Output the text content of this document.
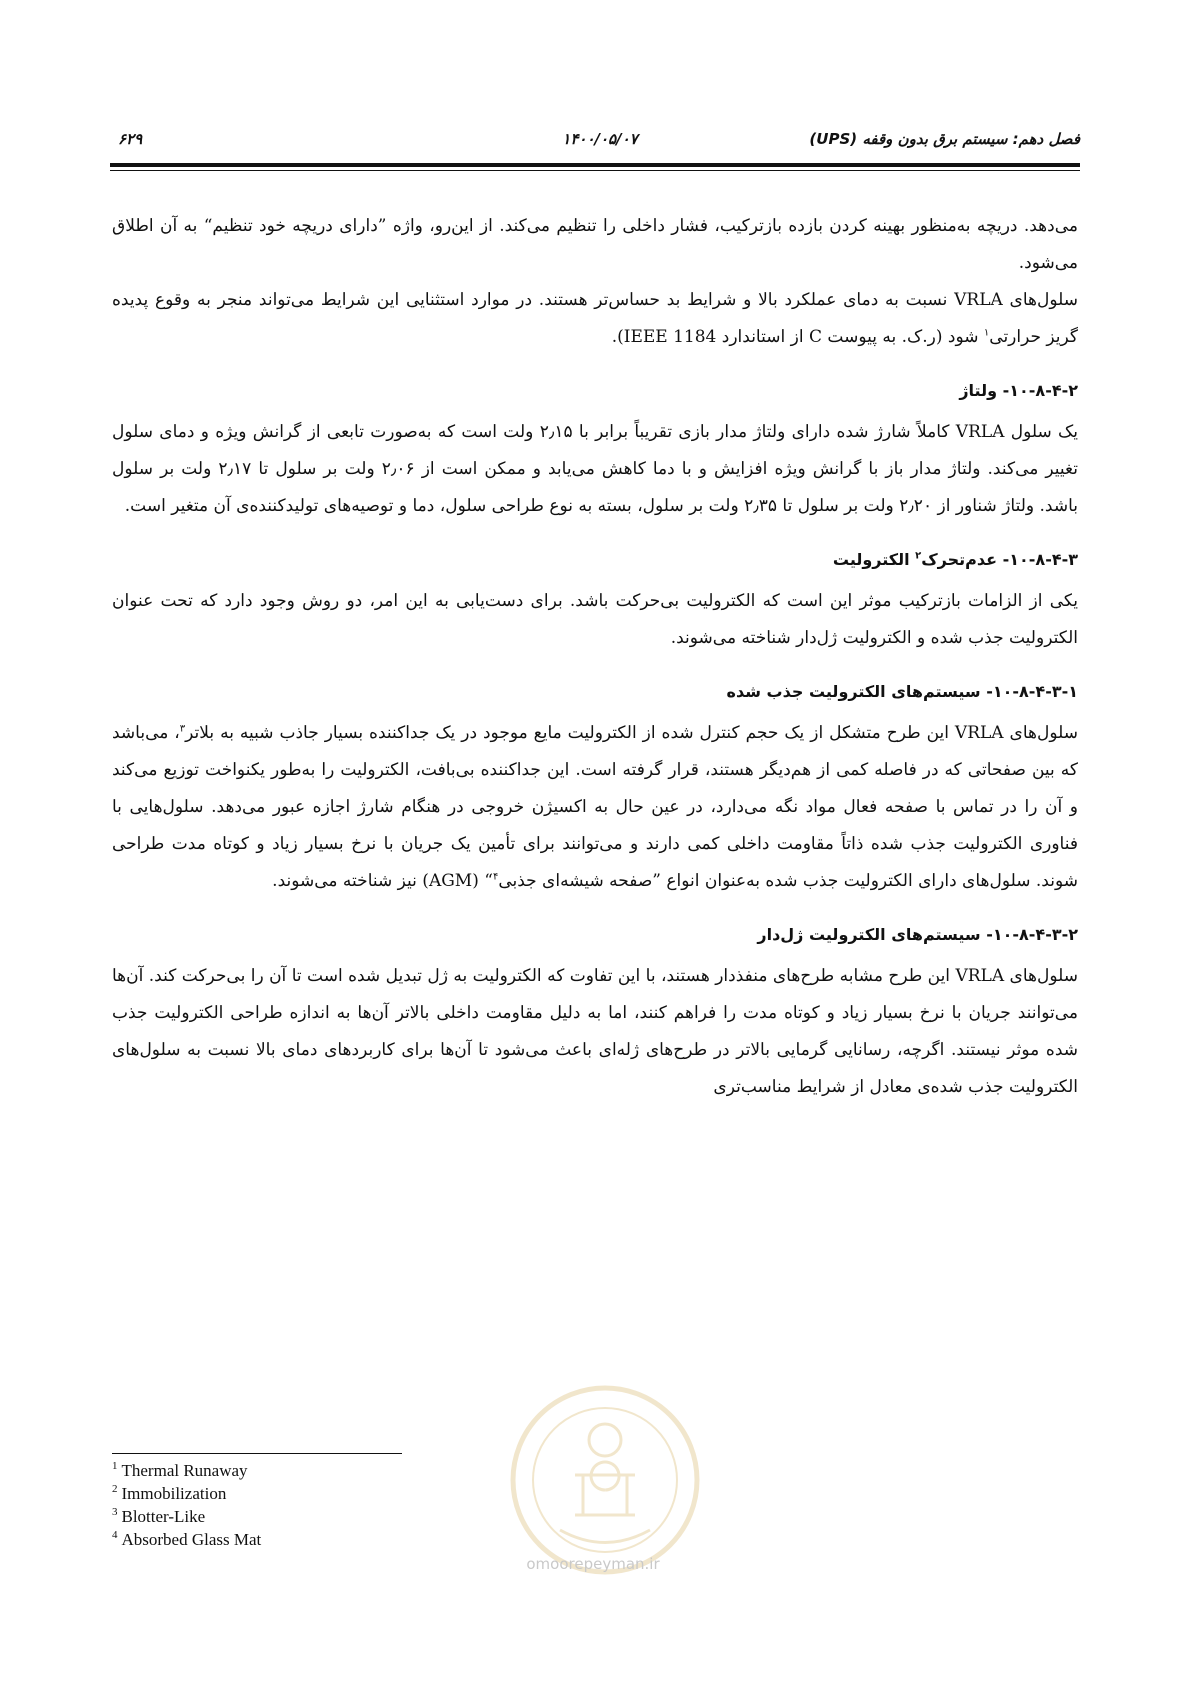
فصل دهم: سیستم برق بدون وقفه (UPS)
۱۴۰۰/۰۵/۰۷
۶۲۹

می‌دهد. دریچه به‌منظور بهینه کردن بازده بازترکیب، فشار داخلی را تنظیم می‌کند. از این‌رو، واژه ”دارای دریچه خود تنظیم“ به آن اطلاق می‌شود.

سلول‌های VRLA نسبت به دمای عملکرد بالا و شرایط بد حساس‌تر هستند. در موارد استثنایی این شرایط می‌تواند منجر به وقوع پدیده گریز حرارتی$^۱$ شود (ر.ک. به پیوست C از استاندارد IEEE 1184).

۱۰-۸-۴-۲- ولتاژ

یک سلول VRLA کاملاً شارژ شده دارای ولتاژ مدار بازی تقریباً برابر با ۲٫۱۵ ولت است که به‌صورت تابعی از گرانش ویژه و دمای سلول تغییر می‌کند. ولتاژ مدار باز با گرانش ویژه افزایش و با دما کاهش می‌یابد و ممکن است از ۲٫۰۶ ولت بر سلول تا ۲٫۱۷ ولت بر سلول باشد. ولتاژ شناور از ۲٫۲۰ ولت بر سلول تا ۲٫۳۵ ولت بر سلول، بسته به نوع طراحی سلول، دما و توصیه‌های تولیدکننده‌ی آن متغیر است.

۱۰-۸-۴-۳- عدم‌تحرک$^۲$ الکترولیت

یکی از الزامات بازترکیب موثر این است که الکترولیت بی‌حرکت باشد. برای دست‌یابی به این امر، دو روش وجود دارد که تحت عنوان الکترولیت جذب شده و الکترولیت ژل‌دار شناخته می‌شوند.

۱۰-۸-۴-۳-۱- سیستم‌های الکترولیت جذب شده

سلول‌های VRLA این طرح متشکل از یک حجم کنترل شده از الکترولیت مایع موجود در یک جداکننده بسیار جاذب شبیه به بلاتر$^۳$، می‌باشد که بین صفحاتی که در فاصله کمی از هم‌دیگر هستند، قرار گرفته است. این جداکننده بی‌بافت، الکترولیت را به‌طور یکنواخت توزیع می‌کند و آن را در تماس با صفحه فعال مواد نگه می‌دارد، در عین حال به اکسیژن خروجی در هنگام شارژ اجازه عبور می‌دهد. سلول‌هایی با فناوری الکترولیت جذب شده ذاتاً مقاومت داخلی کمی دارند و می‌توانند برای تأمین یک جریان با نرخ بسیار زیاد و کوتاه مدت طراحی شوند. سلول‌های دارای الکترولیت جذب شده به‌عنوان انواع ”صفحه شیشه‌ای جذبی$^۴$“ (AGM) نیز شناخته می‌شوند.

۱۰-۸-۴-۳-۲- سیستم‌های الکترولیت ژل‌دار

سلول‌های VRLA این طرح مشابه طرح‌های منفذدار هستند، با این تفاوت که الکترولیت به ژل تبدیل شده است تا آن را بی‌حرکت کند. آن‌ها می‌توانند جریان با نرخ بسیار زیاد و کوتاه مدت را فراهم کنند، اما به دلیل مقاومت داخلی بالاتر آن‌ها به اندازه طراحی الکترولیت جذب شده موثر نیستند. اگرچه، رسانایی گرمایی بالاتر در طرح‌های ژله‌ای باعث می‌شود تا آن‌ها برای کاربردهای دمای بالا نسبت به سلول‌های الکترولیت جذب شده‌ی معادل از شرایط مناسب‌تری

omoorepeyman.ir
$^1$ Thermal Runaway
$^2$ Immobilization
$^3$ Blotter-Like
$^4$ Absorbed Glass Mat
